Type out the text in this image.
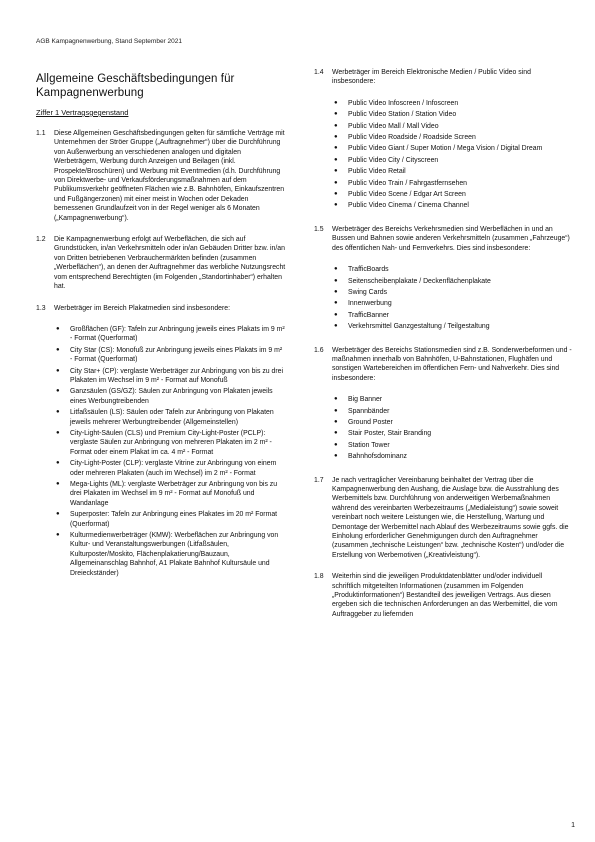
AGB Kampagnenwerbung, Stand September 2021
Allgemeine Geschäftsbedingungen für Kampagnenwerbung
Ziffer 1 Vertragsgegenstand
1.1	Diese Allgemeinen Geschäftsbedingungen gelten für sämtliche Verträge mit Unternehmen der Ströer Gruppe („Auftragnehmer“) über die Durchführung von Außenwerbung an verschiedenen analogen und digitalen Werbeträgern, Werbung durch Anzeigen und Beilagen (inkl. Prospekte/Broschüren) und Werbung mit Eventmedien (d.h. Durchführung von Direktwerbe- und Verkaufsförderungsmaßnahmen auf dem Publikumsverkehr geöffneten Flächen wie z.B. Bahnhöfen, Einkaufszentren und Fußgängerzonen) mit einer meist in Wochen oder Dekaden bemessenen Grundlaufzeit von in der Regel weniger als 6 Monaten („Kampagnenwerbung“).
1.2	Die Kampagnenwerbung erfolgt auf Werbeflächen, die sich auf Grundstücken, in/an Verkehrsmitteln oder in/an Gebäuden Dritter bzw. in/an von Dritten betriebenen Verbrauchermärkten befinden (zusammen „Werbeflächen“), an denen der Auftragnehmer das werbliche Nutzungsrecht vom entsprechend Berechtigten (im Folgenden „Standortinhaber“) erhalten hat.
1.3	Werbeträger im Bereich Plakatmedien sind insbesondere:
●	Großflächen (GF): Tafeln zur Anbringung jeweils eines Plakats im 9 m² - Format (Querformat)
●	City Star (CS): Monofuß zur Anbringung jeweils eines Plakats im 9 m² - Format (Querformat)
●	City Star+ (CP): verglaste Werbeträger zur Anbringung von bis zu drei Plakaten im Wechsel im 9 m² - Format auf Monofuß
●	Ganzsäulen (GS/GZ): Säulen zur Anbringung von Plakaten jeweils eines Werbungtreibenden
●	Litfaßsäulen (LS): Säulen oder Tafeln zur Anbringung von Plakaten jeweils mehrerer Werbungtreibender (Allgemeinstellen)
●	City-Light-Säulen (CLS) und Premium City-Light-Poster (PCLP): verglaste Säulen zur Anbringung von mehreren Plakaten im 2 m² - Format oder einem Plakat im ca. 4 m² - Format
●	City-Light-Poster (CLP): verglaste Vitrine zur Anbringung von einem oder mehreren Plakaten (auch im Wechsel) im 2 m² - Format
●	Mega-Lights (ML): verglaste Werbeträger zur Anbringung von bis zu drei Plakaten im Wechsel im 9 m² - Format auf Monofuß und Wandanlage
●	Superposter: Tafeln zur Anbringung eines Plakates im 20 m² Format (Querformat)
●	Kulturmedienwerbeträger (KMW): Werbeflächen zur Anbringung von Kultur- und Veranstaltungswerbungen (Litfaßsäulen, Kulturposter/Moskito, Flächenplakatierung/Bauzaun, Allgemeinanschlag Bahnhof, A1 Plakate Bahnhof Kultursäule und Dreieckständer)
1.4	Werbeträger im Bereich Elektronische Medien / Public Video sind insbesondere:
●	Public Video Infoscreen / Infoscreen
●	Public Video Station / Station Video
●	Public Video Mall / Mall Video
●	Public Video Roadside / Roadside Screen
●	Public Video Giant / Super Motion / Mega Vision / Digital Dream
●	Public Video City / Cityscreen
●	Public Video Retail
●	Public Video Train / Fahrgastfernsehen
●	Public Video Scene / Edgar Art Screen
●	Public Video Cinema / Cinema Channel
1.5	Werbeträger des Bereichs Verkehrsmedien sind Werbeflächen in und an Bussen und Bahnen sowie anderen Verkehrsmitteln (zusammen „Fahrzeuge“) des öffentlichen Nah- und Fernverkehrs. Dies sind insbesondere:
●	TrafficBoards
●	Seitenscheibenplakate / Deckenflächenplakate
●	Swing Cards
●	Innenwerbung
●	TrafficBanner
●	Verkehrsmittel Ganzgestaltung / Teilgestaltung
1.6	Werbeträger des Bereichs Stationsmedien sind z.B. Sonderwerbeformen und -maßnahmen innerhalb von Bahnhöfen, U-Bahnstationen, Flughäfen und sonstigen Wartebereichen im öffentlichen Fern- und Nahverkehr. Dies sind insbesondere:
●	Big Banner
●	Spannbänder
●	Ground Poster
●	Stair Poster, Stair Branding
●	Station Tower
●	Bahnhofsdominanz
1.7	Je nach vertraglicher Vereinbarung beinhaltet der Vertrag über die Kampagnenwerbung den Aushang, die Auslage bzw. die Ausstrahlung des Werbemittels bzw. Durchführung von anderweitigen Werbemaßnahmen während des vereinbarten Werbezeitraums („Medialeistung“) sowie soweit vereinbart noch weitere Leistungen wie, die Herstellung, Wartung und Demontage der Werbemittel nach Ablauf des Werbezeitraums sowie ggfs. die Einholung erforderlicher Genehmigungen durch den Auftragnehmer (zusammen „technische Leistungen“ bzw. „technische Kosten“) und/oder die Erstellung von Werbemotiven („Kreativleistung“).
1.8	Weiterhin sind die jeweiligen Produktdatenblätter und/oder individuell schriftlich mitgeteilten Informationen (zusammen im Folgenden „Produktinformationen“) Bestandteil des jeweiligen Vertrags. Aus diesen ergeben sich die technischen Anforderungen an das Werbemittel, die vom Auftraggeber zu liefernden
1
